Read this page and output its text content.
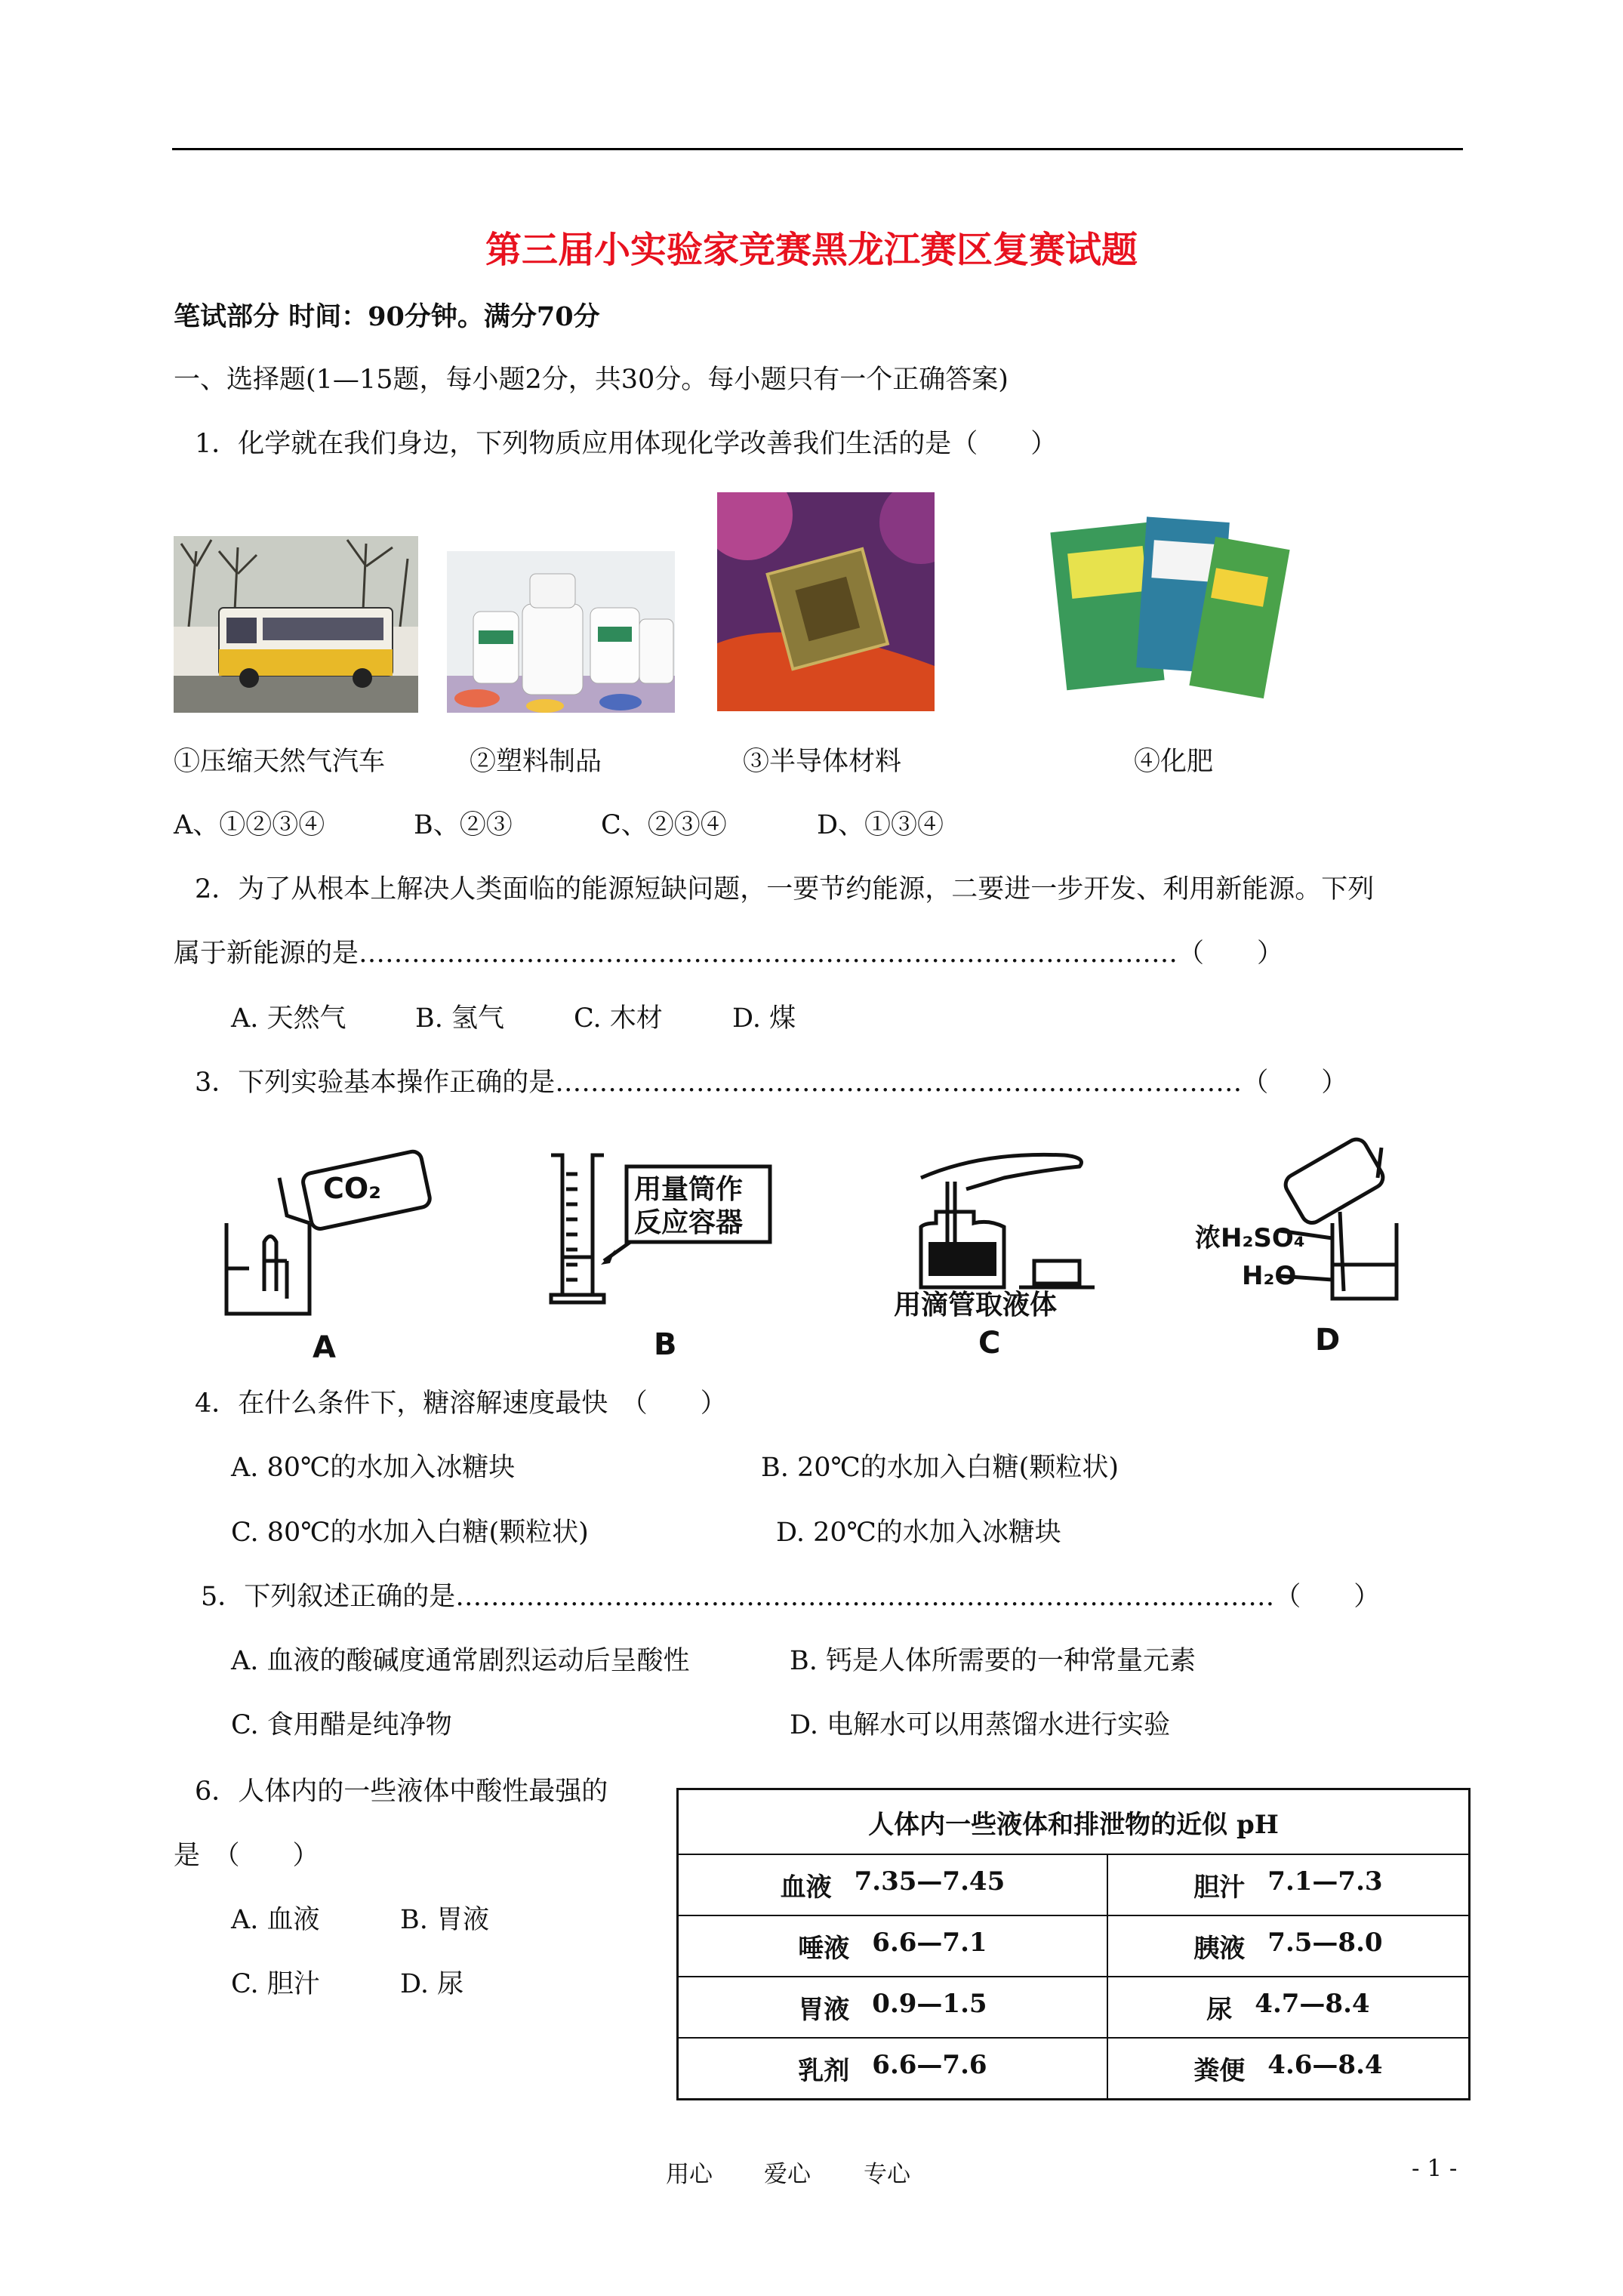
第三届小实验家竞赛黑龙江赛区复赛试题
笔试部分 时间：90分钟。满分70分
一、选择题(1—15题，每小题2分，共30分。每小题只有一个正确答案)
1．化学就在我们身边，下列物质应用体现化学改善我们生活的是（　　）
①压缩天然气汽车	②塑料制品	③半导体材料	④化肥
A、①②③④	B、②③	C、②③④	D、①③④
2．为了从根本上解决人类面临的能源短缺问题，一要节约能源，二要进一步开发、利用新能源。下列
属于新能源的是…………………………………………………………………………………（　　）
A. 天然气	B. 氢气	C. 木材	D. 煤
3．下列实验基本操作正确的是……………………………………………………………………（　　）
CO₂	用量筒作
反应容器
用滴管取液体
浓H₂SO₄
H₂O
A	B	C	D
4．在什么条件下，糖溶解速度最快　（　　）
A. 80℃的水加入冰糖块	B. 20℃的水加入白糖(颗粒状)
C. 80℃的水加入白糖(颗粒状)	D. 20℃的水加入冰糖块
5．下列叙述正确的是…………………………………………………………………………………（　　）
A. 血液的酸碱度通常剧烈运动后呈酸性	B. 钙是人体所需要的一种常量元素
C. 食用醋是纯净物	D. 电解水可以用蒸馏水进行实验
6．人体内的一些液体中酸性最强的
是　（　　）
A. 血液	B. 胃液
C. 胆汁	D. 尿
人体内一些液体和排泄物的近似 pH	

血液 7.35—7.45	胆汁 7.1—7.3

唾液 6.6—7.1	胰液 7.5—8.0

胃液 0.9—1.5	尿 4.7—8.4

乳剂 6.6—7.6	粪便 4.6—8.4
用心 爱心 专心	- 1 -
